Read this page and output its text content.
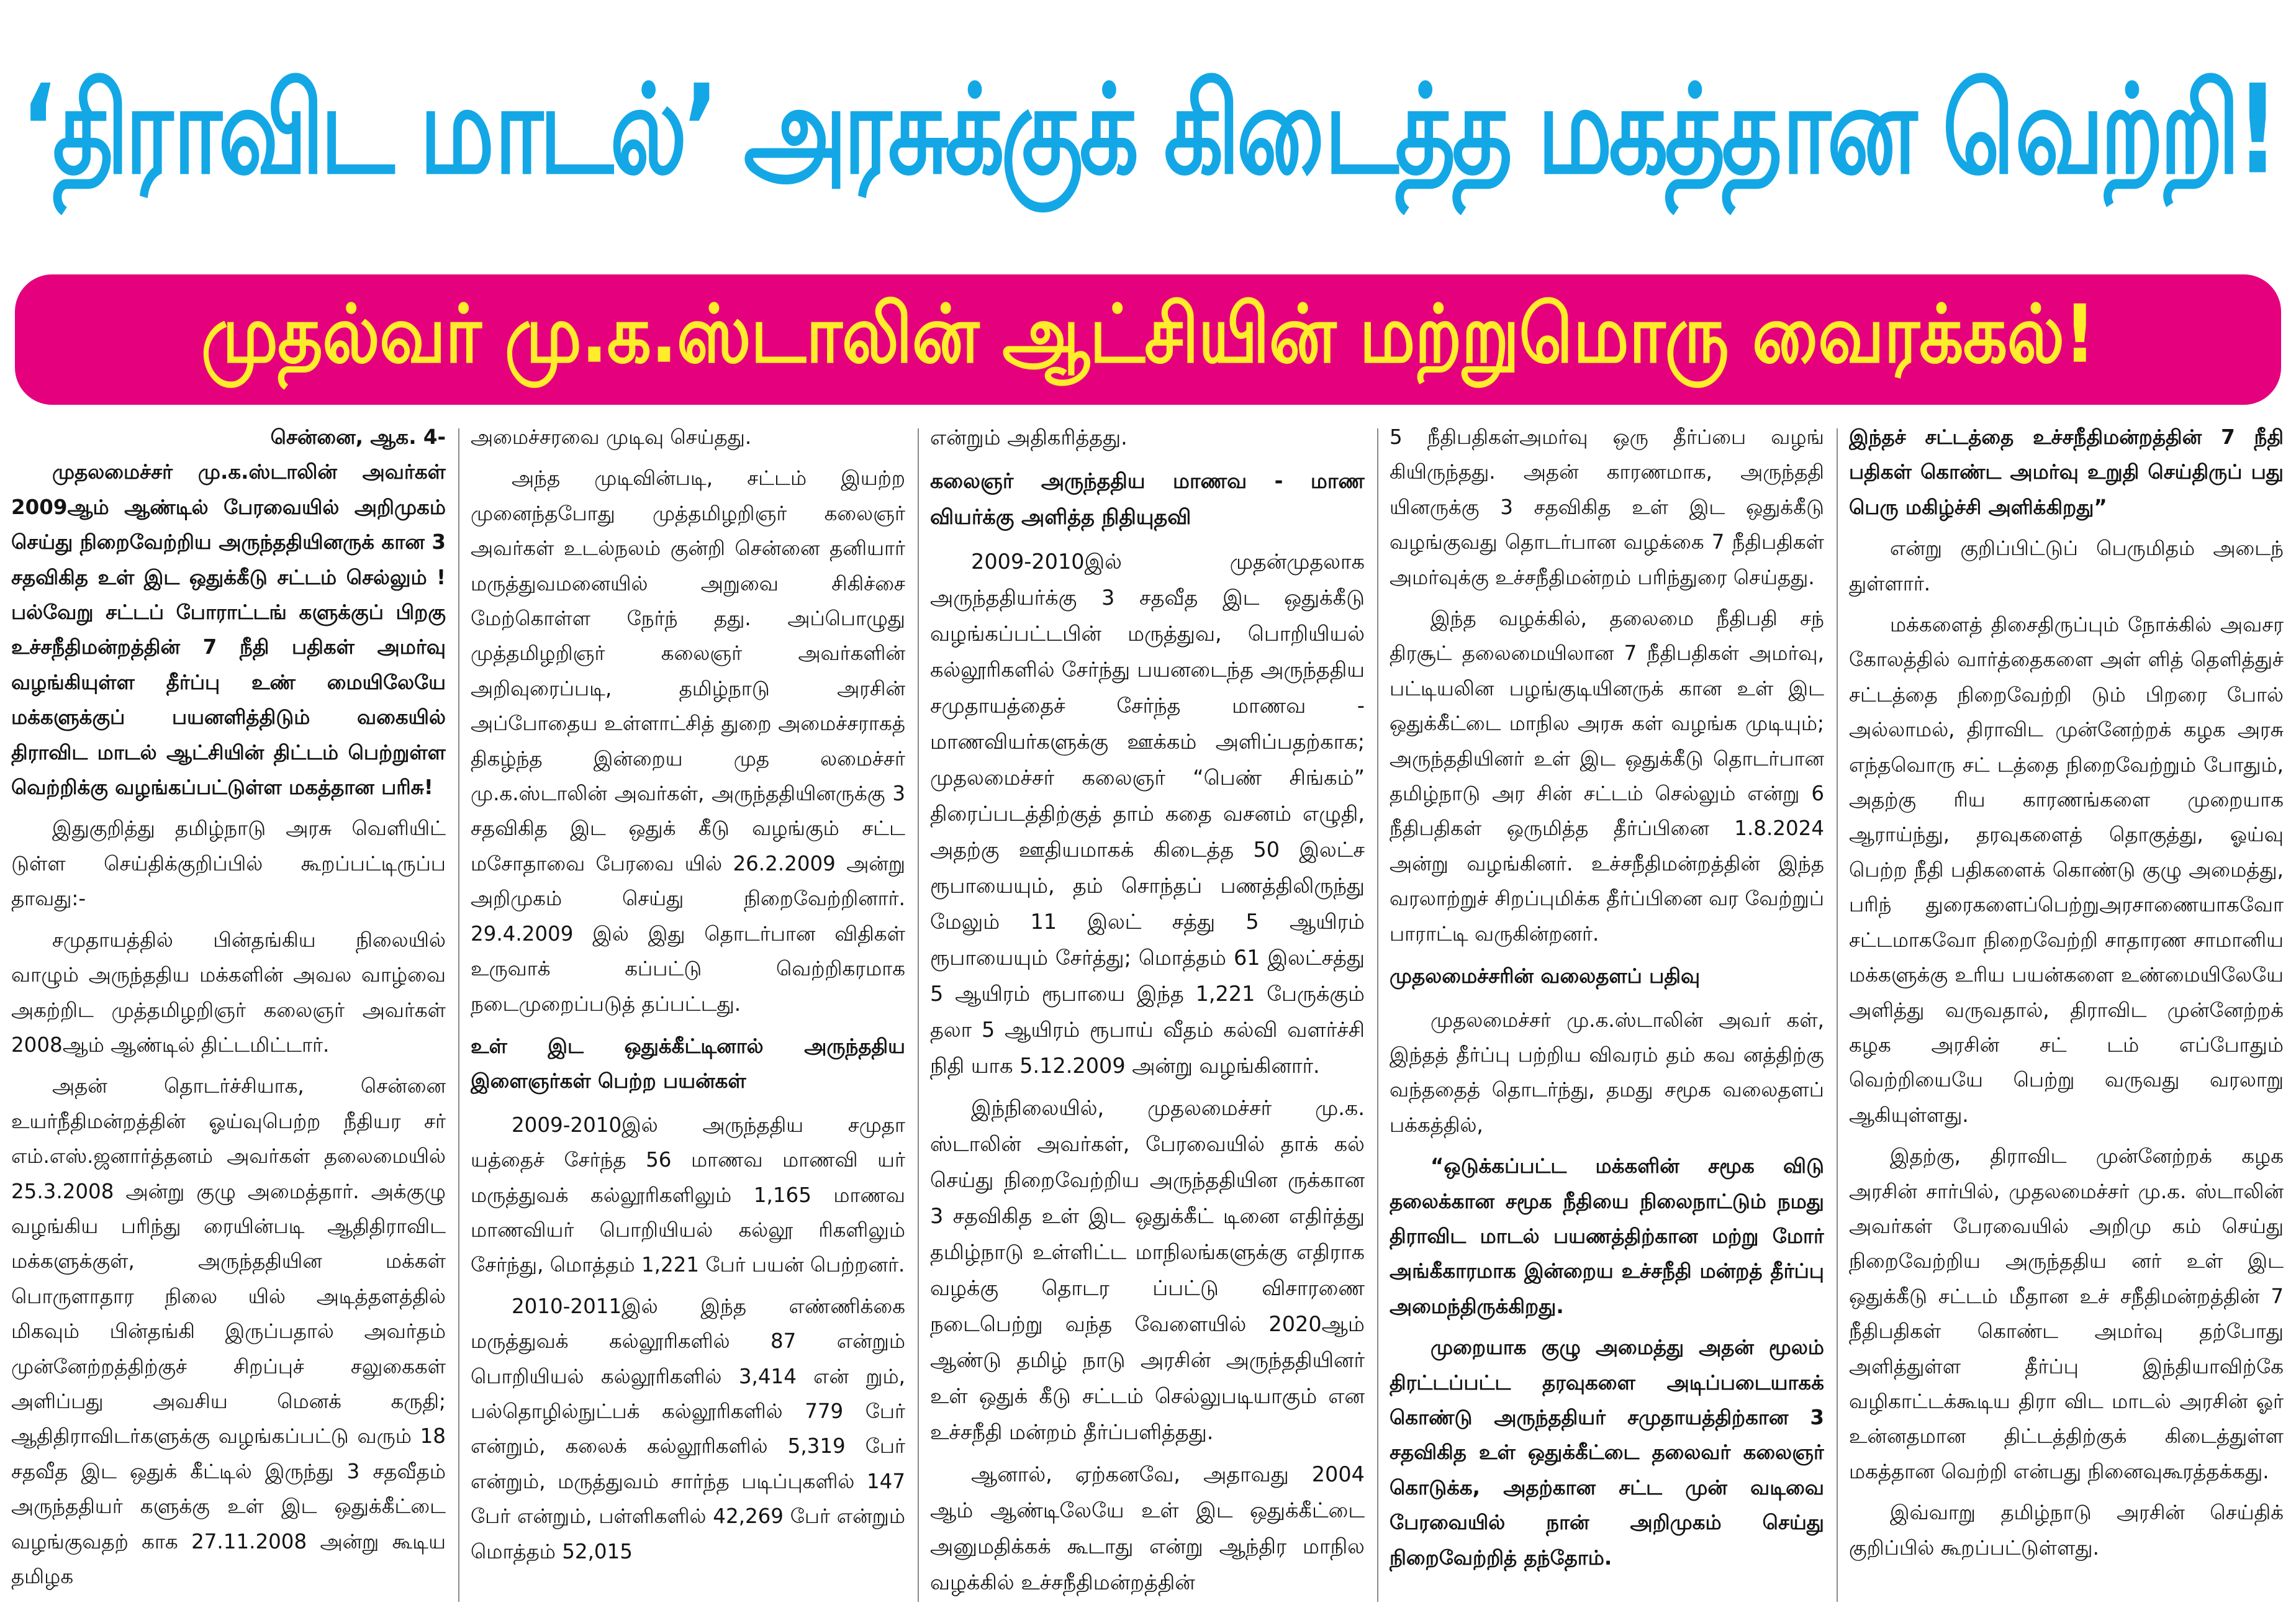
‘திராவிட மாடல்’ அரசுக்குக் கிடைத்த மகத்தான வெற்றி!
முதல்வர் மு.க.ஸ்டாலின் ஆட்சியின் மற்றுமொரு வைரக்கல்!

சென்னை, ஆக. 4-

முதலமைச்சர் மு.க.ஸ்டாலின் அவர்கள் 2009ஆம் ஆண்டில் பேரவையில் அறிமுகம் செய்து நிறைவேற்றிய அருந்ததியினருக் கான 3 சதவிகித உள் இட ஒதுக்கீடு சட்டம் செல்லும் ! பல்வேறு சட்டப் போராட்டங் களுக்குப் பிறகு உச்சநீதிமன்றத்தின் 7 நீதி பதிகள் அமர்வு வழங்கியுள்ள தீர்ப்பு உண் மையிலேயே மக்களுக்குப் பயனளித்திடும் வகையில் திராவிட மாடல் ஆட்சியின் திட்டம் பெற்றுள்ள வெற்றிக்கு வழங்கப்பட்டுள்ள மகத்தான பரிசு!

இதுகுறித்து தமிழ்நாடு அரசு வெளியிட் டுள்ள செய்திக்குறிப்பில் கூறப்பட்டிருப்ப தாவது:-

சமுதாயத்தில் பின்தங்கிய நிலையில் வாழும் அருந்ததிய மக்களின் அவல வாழ்வை அகற்றிட முத்தமிழறிஞர் கலைஞர் அவர்கள் 2008ஆம் ஆண்டில் திட்டமிட்டார்.

அதன் தொடர்ச்சியாக, சென்னை உயர்நீதிமன்றத்தின் ஓய்வுபெற்ற நீதியர சர் எம்.எஸ்.ஜனார்த்தனம் அவர்கள் தலைமையில் 25.3.2008 அன்று குழு அமைத்தார். அக்குழு வழங்கிய பரிந்து ரையின்படி ஆதிதிராவிட மக்களுக்குள், அருந்ததியின மக்கள் பொருளாதார நிலை யில் அடித்தளத்தில் மிகவும் பின்தங்கி இருப்பதால் அவர்தம் முன்னேற்றத்திற்குச் சிறப்புச் சலுகைகள் அளிப்பது அவசிய மெனக் கருதி; ஆதிதிராவிடர்களுக்கு வழங்கப்பட்டு வரும் 18 சதவீத இட ஒதுக் கீட்டில் இருந்து 3 சதவீதம் அருந்ததியர் களுக்கு உள் இட ஒதுக்கீட்டை வழங்குவதற் காக 27.11.2008 அன்று கூடிய தமிழக

அமைச்சரவை முடிவு செய்தது.

அந்த முடிவின்படி, சட்டம் இயற்ற முனைந்தபோது முத்தமிழறிஞர் கலைஞர் அவர்கள் உடல்நலம் குன்றி சென்னை தனியார் மருத்துவமனையில் அறுவை சிகிச்சை மேற்கொள்ள நேர்ந் தது. அப்பொழுது முத்தமிழறிஞர் கலைஞர் அவர்களின் அறிவுரைப்படி, தமிழ்நாடு அரசின் அப்போதைய உள்ளாட்சித் துறை அமைச்சராகத் திகழ்ந்த இன்றைய முத லமைச்சர் மு.க.ஸ்டாலின் அவர்கள், அருந்ததியினருக்கு 3 சதவிகித இட ஒதுக் கீடு வழங்கும் சட்ட மசோதாவை பேரவை யில் 26.2.2009 அன்று அறிமுகம் செய்து நிறைவேற்றினார். 29.4.2009 இல் இது தொடர்பான விதிகள் உருவாக் கப்பட்டு வெற்றிகரமாக நடைமுறைப்படுத் தப்பட்டது.

உள் இட ஒதுக்கீட்டினால் அருந்ததிய இளைஞர்கள் பெற்ற பயன்கள்

2009-2010இல் அருந்ததிய சமுதா யத்தைச் சேர்ந்த 56 மாணவ மாணவி யர் மருத்துவக் கல்லூரிகளிலும் 1,165 மாணவ மாணவியர் பொறியியல் கல்லூ ரிகளிலும் சேர்ந்து, மொத்தம் 1,221 பேர் பயன் பெற்றனர்.

2010-2011இல் இந்த எண்ணிக்கை மருத்துவக் கல்லூரிகளில் 87 என்றும் பொறியியல் கல்லூரிகளில் 3,414 என் றும், பல்தொழில்நுட்பக் கல்லூரிகளில் 779 பேர் என்றும், கலைக் கல்லூரிகளில் 5,319 பேர் என்றும், மருத்துவம் சார்ந்த படிப்புகளில் 147 பேர் என்றும், பள்ளிகளில் 42,269 பேர் என்றும் மொத்தம் 52,015

என்றும் அதிகரித்தது.

கலைஞர் அருந்ததிய மாணவ - மாண வியர்க்கு அளித்த நிதியுதவி

2009-2010இல் முதன்முதலாக அருந்ததியர்க்கு 3 சதவீத இட ஒதுக்கீடு வழங்கப்பட்டபின் மருத்துவ, பொறியியல் கல்லூரிகளில் சேர்ந்து பயனடைந்த அருந்ததிய சமுதாயத்தைச் சேர்ந்த மாணவ - மாணவியர்களுக்கு ஊக்கம் அளிப்பதற்காக; முதலமைச்சர் கலைஞர் “பெண் சிங்கம்” திரைப்படத்திற்குத் தாம் கதை வசனம் எழுதி, அதற்கு ஊதியமாகக் கிடைத்த 50 இலட்ச ரூபாயையும், தம் சொந்தப் பணத்திலிருந்து மேலும் 11 இலட் சத்து 5 ஆயிரம் ரூபாயையும் சேர்த்து; மொத்தம் 61 இலட்சத்து 5 ஆயிரம் ரூபாயை இந்த 1,221 பேருக்கும் தலா 5 ஆயிரம் ரூபாய் வீதம் கல்வி வளர்ச்சி நிதி யாக 5.12.2009 அன்று வழங்கினார்.

இந்நிலையில், முதலமைச்சர் மு.க. ஸ்டாலின் அவர்கள், பேரவையில் தாக் கல் செய்து நிறைவேற்றிய அருந்ததியின ருக்கான 3 சதவிகித உள் இட ஒதுக்கீட் டினை எதிர்த்து தமிழ்நாடு உள்ளிட்ட மாநிலங்களுக்கு எதிராக வழக்கு தொடர ப்பட்டு விசாரணை நடைபெற்று வந்த வேளையில் 2020ஆம் ஆண்டு தமிழ் நாடு அரசின் அருந்ததியினர் உள் ஒதுக் கீடு சட்டம் செல்லுபடியாகும் என உச்சநீதி மன்றம் தீர்ப்பளித்தது.

ஆனால், ஏற்கனவே, அதாவது 2004 ஆம் ஆண்டிலேயே உள் இட ஒதுக்கீட்டை அனுமதிக்கக் கூடாது என்று ஆந்திர மாநில வழக்கில் உச்சநீதிமன்றத்தின்

5 நீதிபதிகள்அமர்வு ஒரு தீர்ப்பை வழங் கியிருந்தது. அதன் காரணமாக, அருந்ததி யினருக்கு 3 சதவிகித உள் இட ஒதுக்கீடு வழங்குவது தொடர்பான வழக்கை 7 நீதிபதிகள் அமர்வுக்கு உச்சநீதிமன்றம் பரிந்துரை செய்தது.

இந்த வழக்கில், தலைமை நீதிபதி சந் திரசூட் தலைமையிலான 7 நீதிபதிகள் அமர்வு, பட்டியலின பழங்குடியினருக் கான உள் இட ஒதுக்கீட்டை மாநில அரசு கள் வழங்க முடியும்; அருந்ததியினர் உள் இட ஒதுக்கீடு தொடர்பான தமிழ்நாடு அர சின் சட்டம் செல்லும் என்று 6 நீதிபதிகள் ஒருமித்த தீர்ப்பினை 1.8.2024 அன்று வழங்கினர். உச்சநீதிமன்றத்தின் இந்த வரலாற்றுச் சிறப்புமிக்க தீர்ப்பினை வர வேற்றுப் பாராட்டி வருகின்றனர்.

முதலமைச்சரின் வலைதளப் பதிவு

முதலமைச்சர் மு.க.ஸ்டாலின் அவர் கள், இந்தத் தீர்ப்பு பற்றிய விவரம் தம் கவ னத்திற்கு வந்ததைத் தொடர்ந்து, தமது சமூக வலைதளப் பக்கத்தில்,

“ஒடுக்கப்பட்ட மக்களின் சமூக விடு தலைக்கான சமூக நீதியை நிலைநாட்டும் நமது திராவிட மாடல் பயணத்திற்கான மற்று மோர் அங்கீகாரமாக இன்றைய உச்சநீதி மன்றத் தீர்ப்பு அமைந்திருக்கிறது.

முறையாக குழு அமைத்து அதன் மூலம் திரட்டப்பட்ட தரவுகளை அடிப்படையாகக் கொண்டு அருந்ததியர் சமுதாயத்திற்கான 3 சதவிகித உள் ஒதுக்கீட்டை தலைவர் கலைஞர் கொடுக்க, அதற்கான சட்ட முன் வடிவை பேரவையில் நான் அறிமுகம் செய்து நிறைவேற்றித் தந்தோம்.

இந்தச் சட்டத்தை உச்சநீதிமன்றத்தின் 7 நீதி பதிகள் கொண்ட அமர்வு உறுதி செய்திருப் பது பெரு மகிழ்ச்சி அளிக்கிறது”

என்று குறிப்பிட்டுப் பெருமிதம் அடைந் துள்ளார்.

மக்களைத் திசைதிருப்பும் நோக்கில் அவசர கோலத்தில் வார்த்தைகளை அள் ளித் தெளித்துச் சட்டத்தை நிறைவேற்றி டும் பிறரை போல் அல்லாமல், திராவிட முன்னேற்றக் கழக அரசு எந்தவொரு சட் டத்தை நிறைவேற்றும் போதும், அதற்கு ரிய காரணங்களை முறையாக ஆராய்ந்து, தரவுகளைத் தொகுத்து, ஓய்வு பெற்ற நீதி பதிகளைக் கொண்டு குழு அமைத்து, பரிந் துரைகளைப்பெற்றுஅரசாணையாகவோ சட்டமாகவோ நிறைவேற்றி சாதாரண சாமானிய மக்களுக்கு உரிய பயன்களை உண்மையிலேயே அளித்து வருவதால், திராவிட முன்னேற்றக் கழக அரசின் சட் டம் எப்போதும் வெற்றியையே பெற்று வருவது வரலாறு ஆகியுள்ளது.

இதற்கு, திராவிட முன்னேற்றக் கழக அரசின் சார்பில், முதலமைச்சர் மு.க. ஸ்டாலின் அவர்கள் பேரவையில் அறிமு கம் செய்து நிறைவேற்றிய அருந்ததிய னர் உள் இட ஒதுக்கீடு சட்டம் மீதான உச் சநீதிமன்றத்தின் 7 நீதிபதிகள் கொண்ட அமர்வு தற்போது அளித்துள்ள தீர்ப்பு இந்தியாவிற்கே வழிகாட்டக்கூடிய திரா விட மாடல் அரசின் ஓர் உன்னதமான திட்டத்திற்குக் கிடைத்துள்ள மகத்தான வெற்றி என்பது நினைவுகூரத்தக்கது.

இவ்வாறு தமிழ்நாடு அரசின் செய்திக் குறிப்பில் கூறப்பட்டுள்ளது.
